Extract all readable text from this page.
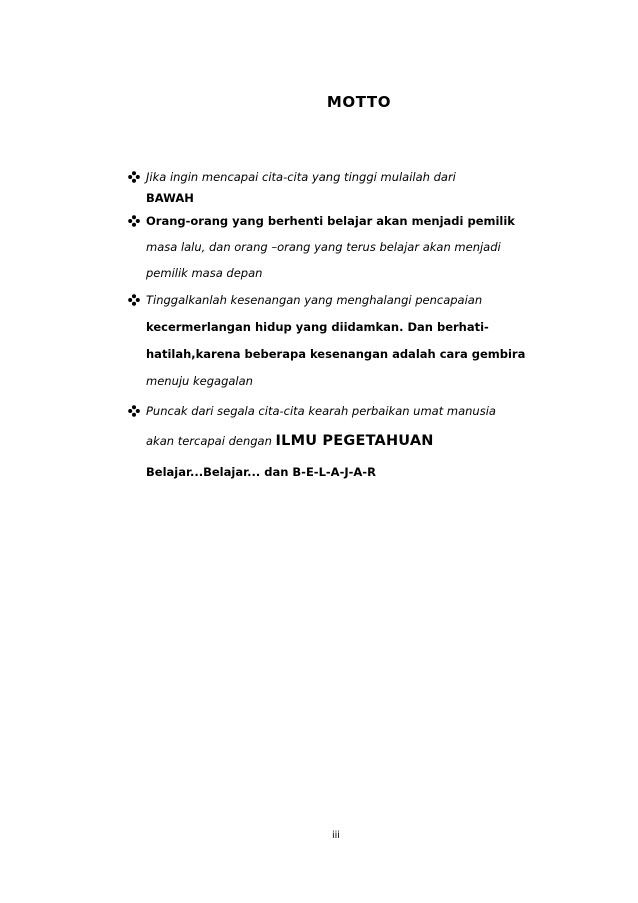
MOTTO
Jika ingin mencapai cita-cita yang tinggi mulailah dari
BAWAH
Orang-orang yang berhenti belajar akan menjadi pemilik
masa lalu, dan orang –orang yang terus belajar akan menjadi
pemilik masa depan
Tinggalkanlah kesenangan yang menghalangi pencapaian
kecermerlangan hidup yang diidamkan. Dan berhati-
hatilah,karena beberapa kesenangan adalah cara gembira
menuju kegagalan
Puncak dari segala cita-cita kearah perbaikan umat manusia
akan tercapai dengan ILMU PEGETAHUAN
Belajar...Belajar... dan B-E-L-A-J-A-R
iii
